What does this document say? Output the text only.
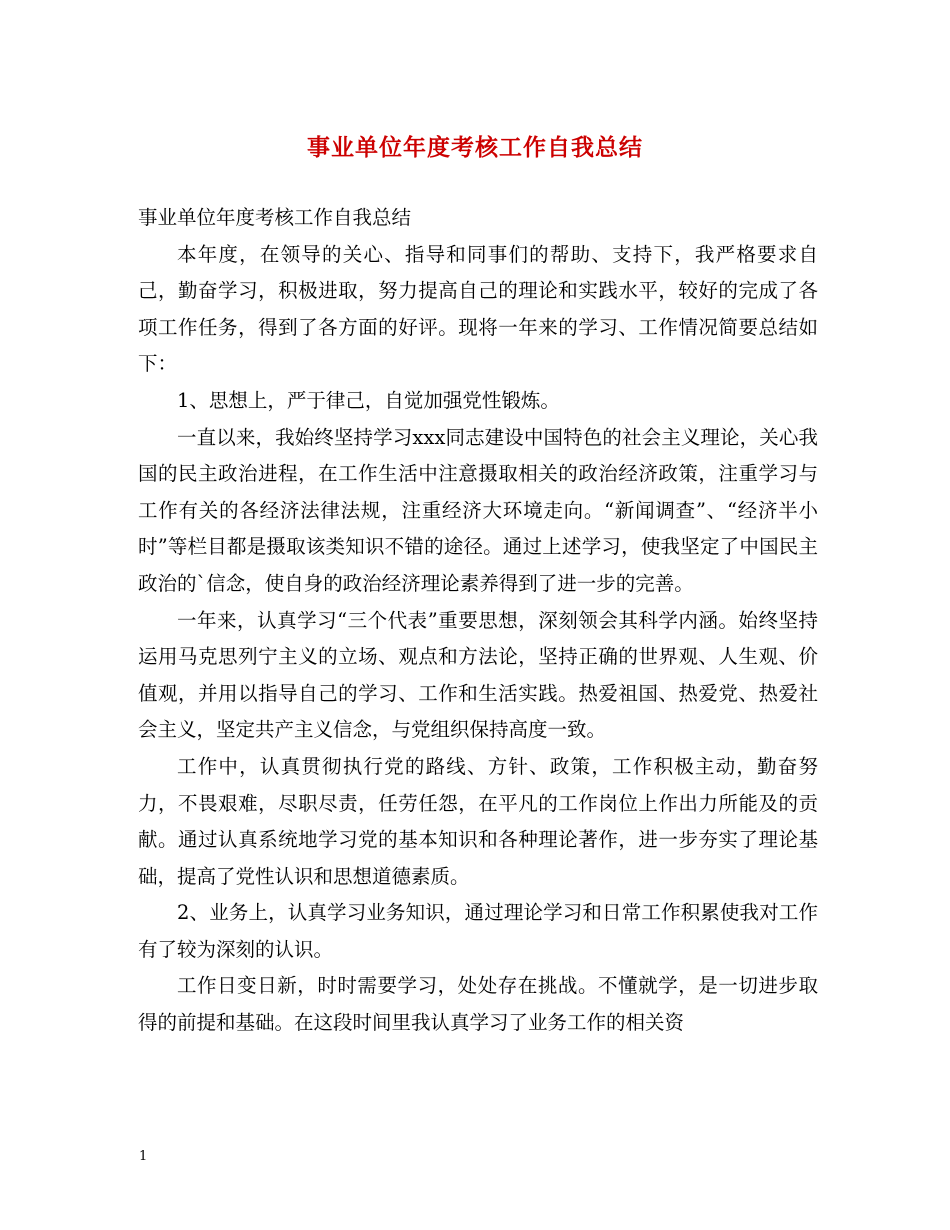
事业单位年度考核工作自我总结

事业单位年度考核工作自我总结

本年度，在领导的关心、指导和同事们的帮助、支持下，我严格要求自己，勤奋学习，积极进取，努力提高自己的理论和实践水平，较好的完成了各项工作任务，得到了各方面的好评。现将一年来的学习、工作情况简要总结如下：

1、思想上，严于律己，自觉加强党性锻炼。

一直以来，我始终坚持学习xxx同志建设中国特色的社会主义理论，关心我国的民主政治进程，在工作生活中注意摄取相关的政治经济政策，注重学习与工作有关的各经济法律法规，注重经济大环境走向。“新闻调查”、“经济半小时”等栏目都是摄取该类知识不错的途径。通过上述学习，使我坚定了中国民主政治的`信念，使自身的政治经济理论素养得到了进一步的完善。

一年来，认真学习“三个代表”重要思想，深刻领会其科学内涵。始终坚持运用马克思列宁主义的立场、观点和方法论，坚持正确的世界观、人生观、价值观，并用以指导自己的学习、工作和生活实践。热爱祖国、热爱党、热爱社会主义，坚定共产主义信念，与党组织保持高度一致。

工作中，认真贯彻执行党的路线、方针、政策，工作积极主动，勤奋努力，不畏艰难，尽职尽责，任劳任怨，在平凡的工作岗位上作出力所能及的贡献。通过认真系统地学习党的基本知识和各种理论著作，进一步夯实了理论基础，提高了党性认识和思想道德素质。

2、业务上，认真学习业务知识，通过理论学习和日常工作积累使我对工作有了较为深刻的认识。

工作日变日新，时时需要学习，处处存在挑战。不懂就学，是一切进步取得的前提和基础。在这段时间里我认真学习了业务工作的相关资

1
